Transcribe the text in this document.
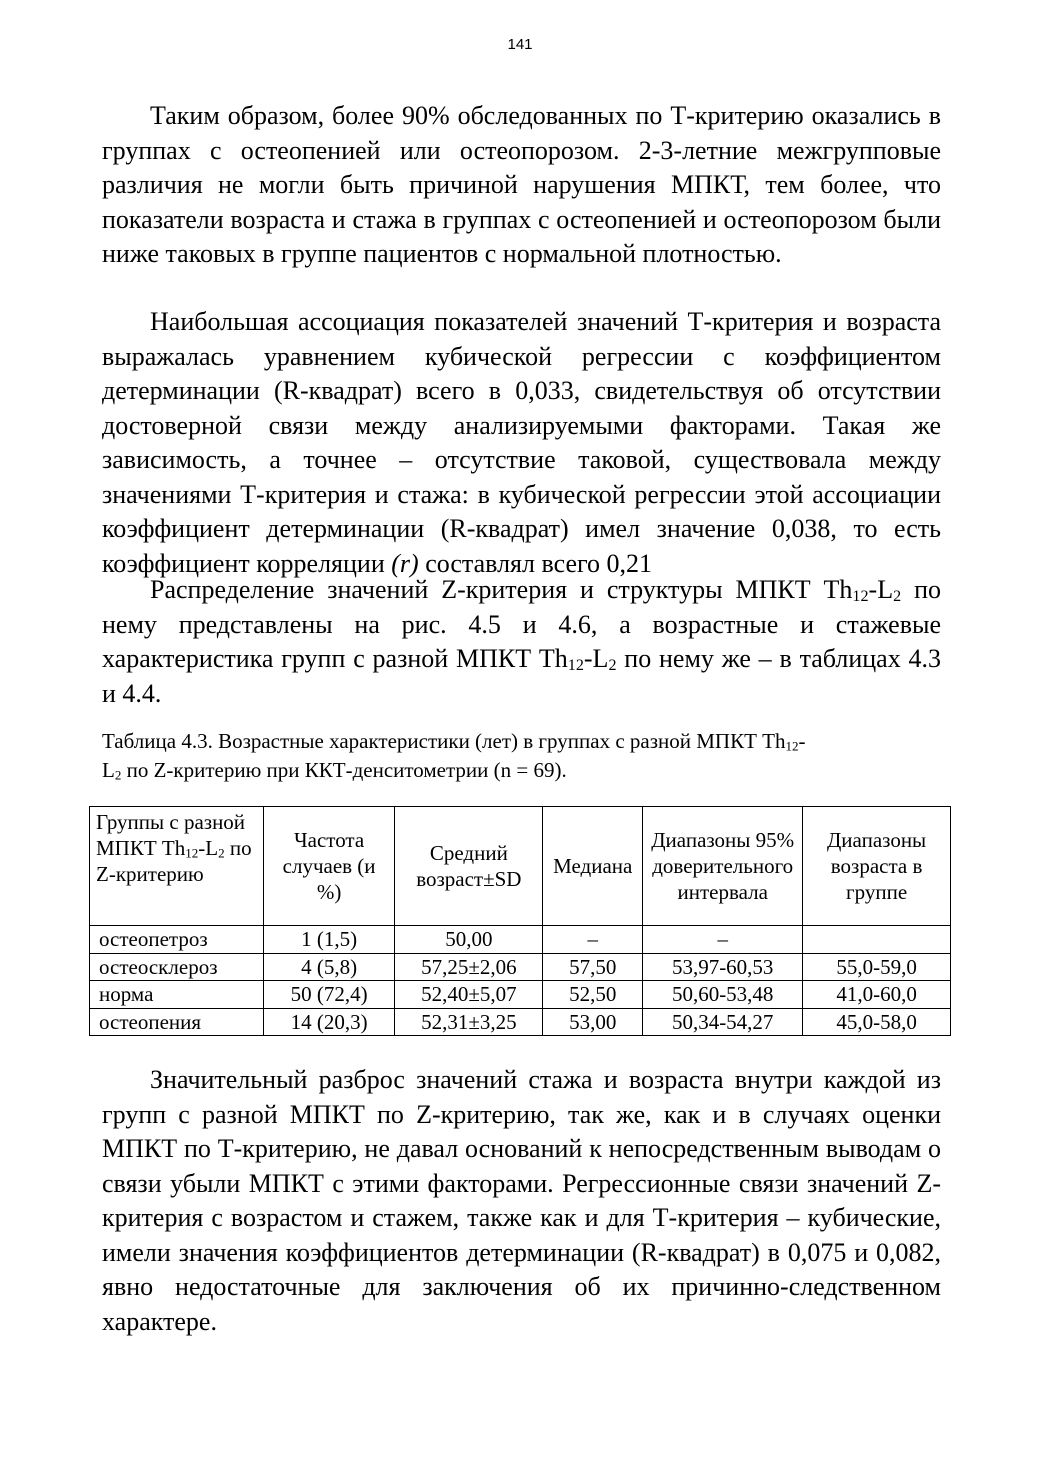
141

Таким образом, более 90% обследованных по Т-критерию оказались в группах с остеопенией или остеопорозом. 2-3-летние межгрупповые различия не могли быть причиной нарушения МПКТ, тем более, что показатели возраста и стажа в группах с остеопенией и остеопорозом были ниже таковых в группе пациентов с нормальной плотностью.

Наибольшая ассоциация показателей значений Т-критерия и возраста выражалась уравнением кубической регрессии с коэффициентом детерминации (R-квадрат) всего в 0,033, свидетельствуя об отсутствии достоверной связи между анализируемыми факторами. Такая же зависимость, а точнее – отсутствие таковой, существовала между значениями Т-критерия и стажа: в кубической регрессии этой ассоциации коэффициент детерминации (R-квадрат) имел значение 0,038, то есть коэффициент корреляции (r) составлял всего 0,21

Распределение значений Z-критерия и структуры МПКТ $Th_{12}-L_2$ по нему представлены на рис. 4.5 и 4.6, а возрастные и стажевые характеристика групп с разной МПКТ $Th_{12}-L_2$ по нему же – в таблицах 4.3 и 4.4.

Таблица 4.3. Возрастные характеристики (лет) в группах с разной МПКТ $Th_{12}-$
$L_2$ по Z-критерию при ККТ-денситометрии (n = 69).

Группы с разной МПКТ $Th_{12}-L_2$ по Z-критерию	Частота случаев (и %)	Средний возраст±SD	Медиана	Диапазоны 95% доверительного интервала	Диапазоны возраста в группе
остеопетроз	1 (1,5)	50,00	–	–	
остеосклероз	4 (5,8)	57,25±2,06	57,50	53,97-60,53	55,0-59,0
норма	50 (72,4)	52,40±5,07	52,50	50,60-53,48	41,0-60,0
остеопения	14 (20,3)	52,31±3,25	53,00	50,34-54,27	45,0-58,0

Значительный разброс значений стажа и возраста внутри каждой из групп с разной МПКТ по Z-критерию, так же, как и в случаях оценки МПКТ по Т-критерию, не давал оснований к непосредственным выводам о связи убыли МПКТ с этими факторами. Регрессионные связи значений Z-критерия с возрастом и стажем, также как и для Т-критерия – кубические, имели значения коэффициентов детерминации (R-квадрат) в 0,075 и 0,082, явно недостаточные для заключения об их причинно-следственном характере.
